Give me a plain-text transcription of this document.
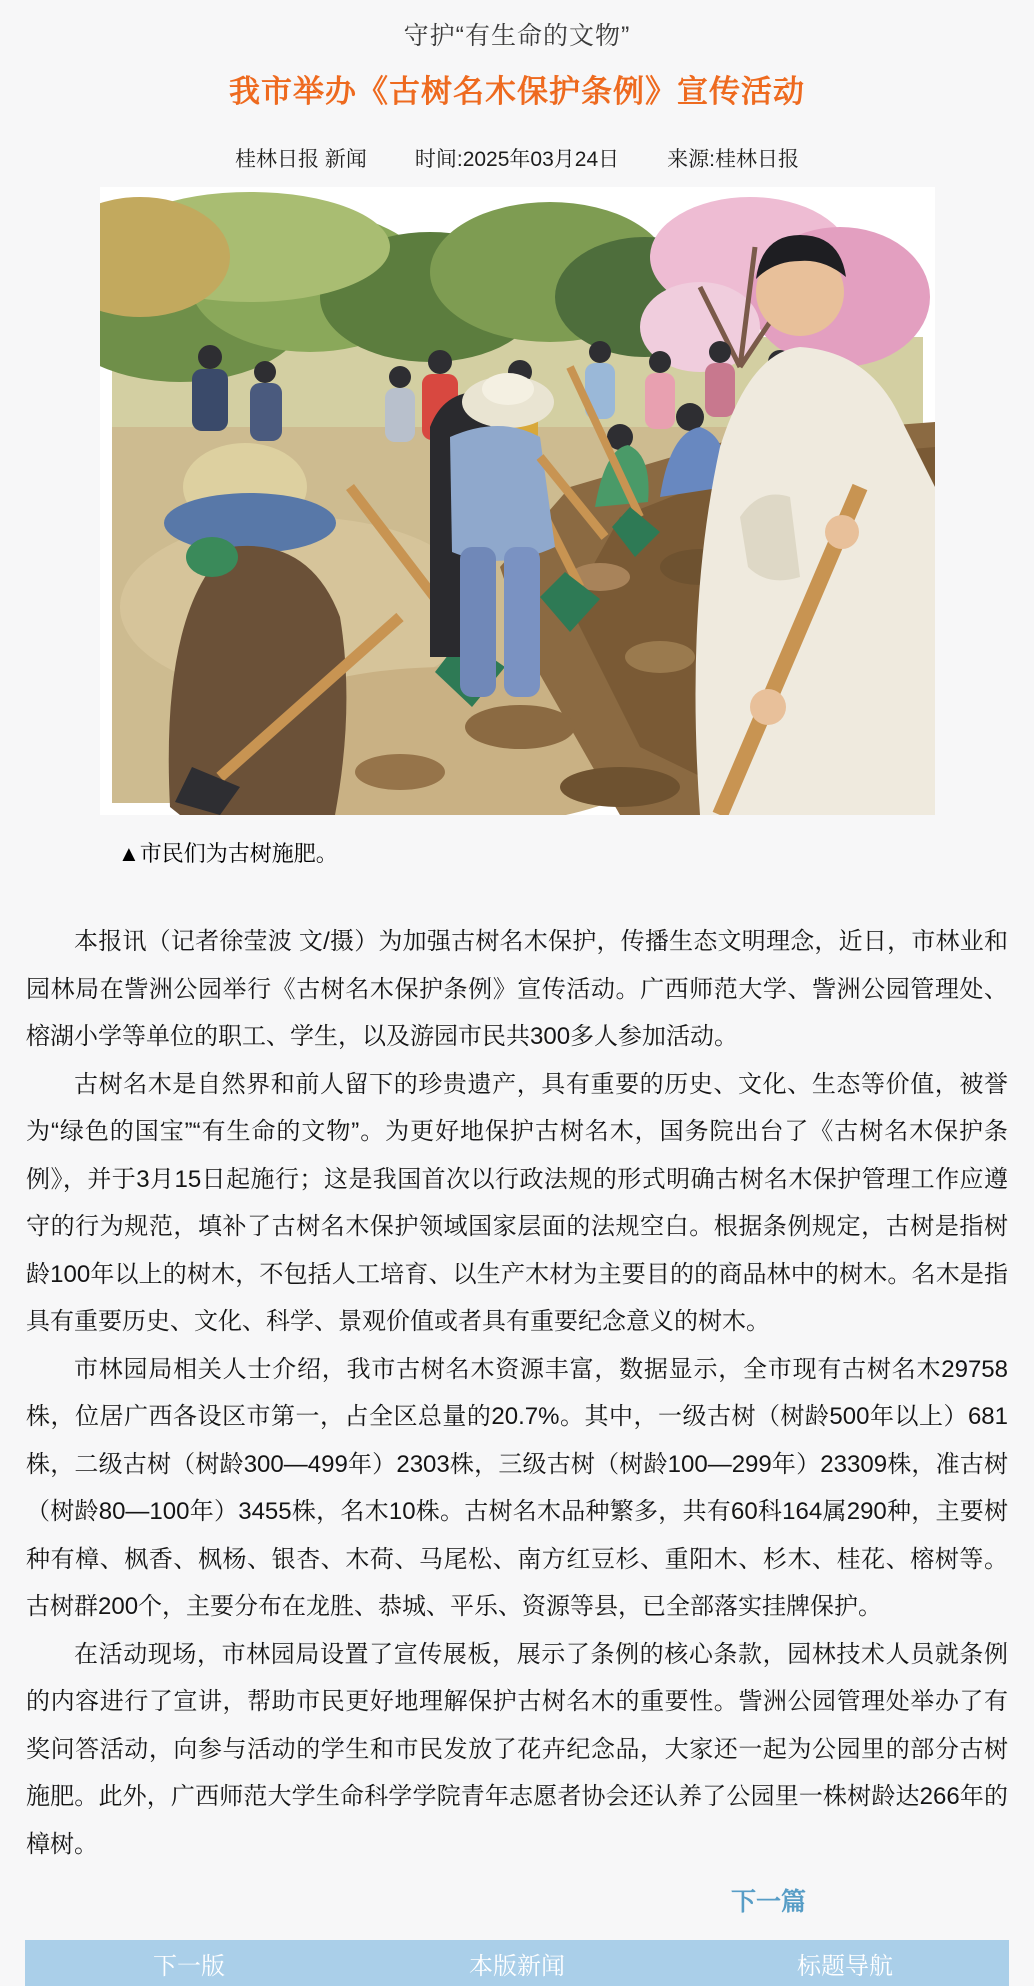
守护“有生命的文物”
我市举办《古树名木保护条例》宣传活动
桂林日报 新闻 时间:2025年03月24日 来源:桂林日报
▲市民们为古树施肥。

本报讯（记者徐莹波 文/摄）为加强古树名木保护，传播生态文明理念，近日，市林业和园林局在訾洲公园举行《古树名木保护条例》宣传活动。广西师范大学、訾洲公园管理处、榕湖小学等单位的职工、学生，以及游园市民共300多人参加活动。

古树名木是自然界和前人留下的珍贵遗产，具有重要的历史、文化、生态等价值，被誉为“绿色的国宝”“有生命的文物”。为更好地保护古树名木，国务院出台了《古树名木保护条例》，并于3月15日起施行；这是我国首次以行政法规的形式明确古树名木保护管理工作应遵守的行为规范，填补了古树名木保护领域国家层面的法规空白。根据条例规定，古树是指树龄100年以上的树木，不包括人工培育、以生产木材为主要目的的商品林中的树木。名木是指具有重要历史、文化、科学、景观价值或者具有重要纪念意义的树木。

市林园局相关人士介绍，我市古树名木资源丰富，数据显示，全市现有古树名木29758株，位居广西各设区市第一，占全区总量的20.7%。其中，一级古树（树龄500年以上）681株，二级古树（树龄300—499年）2303株，三级古树（树龄100—299年）23309株，准古树（树龄80—100年）3455株，名木10株。古树名木品种繁多，共有60科164属290种，主要树种有樟、枫香、枫杨、银杏、木荷、马尾松、南方红豆杉、重阳木、杉木、桂花、榕树等。古树群200个，主要分布在龙胜、恭城、平乐、资源等县，已全部落实挂牌保护。

在活动现场，市林园局设置了宣传展板，展示了条例的核心条款，园林技术人员就条例的内容进行了宣讲，帮助市民更好地理解保护古树名木的重要性。訾洲公园管理处举办了有奖问答活动，向参与活动的学生和市民发放了花卉纪念品，大家还一起为公园里的部分古树施肥。此外，广西师范大学生命科学学院青年志愿者协会还认养了公园里一株树龄达266年的樟树。

下一篇
下一版	本版新闻	标题导航
